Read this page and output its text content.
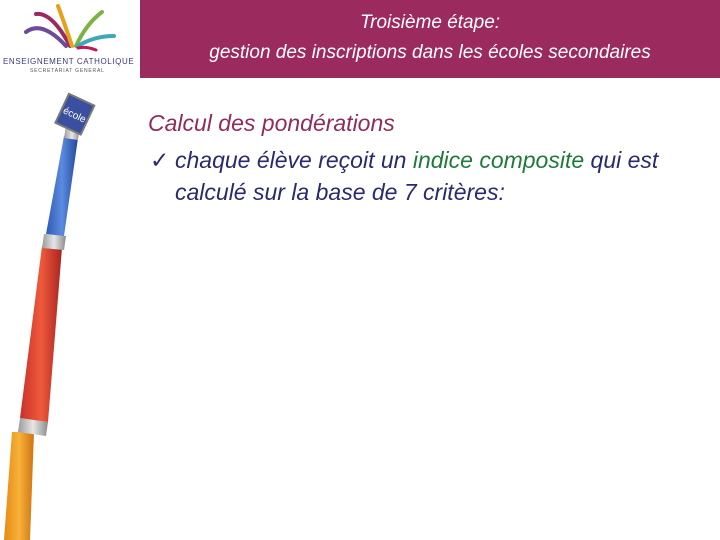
ENSEIGNEMENT CATHOLIQUE
SECRETARIAT GENERAL
Troisième étape:
gestion des inscriptions dans les écoles secondaires
école	Calcul des pondérations
✓ chaque élève reçoit un indice composite qui est calculé sur la base de 7 critères:
